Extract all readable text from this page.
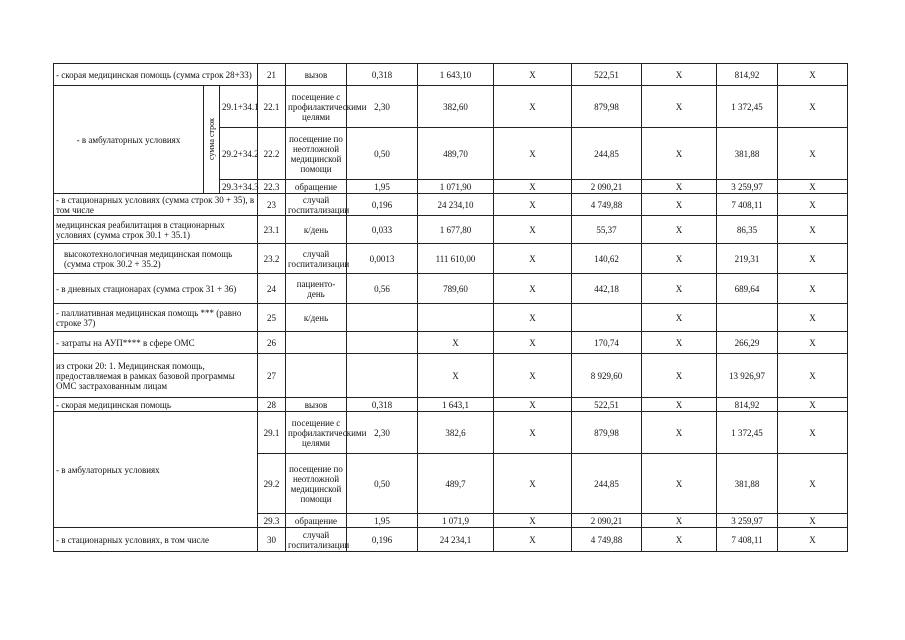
- скорая медицинская помощь (сумма строк 28+33)			21	вызов	0,318	1 643,10	X	522,51	X	814,92	X
- в амбулаторных условиях	сумма строк	29.1+34.1	22.1	посещение с профилактическими целями	2,30	382,60	X	879,98	X	1 372,45	X
		29.2+34.2	22.2	посещение по неотложной медицинской помощи	0,50	489,70	X	244,85	X	381,88	X
		29.3+34.3	22.3	обращение	1,95	1 071,90	X	2 090,21	X	3 259,97	X
- в стационарных условиях (сумма строк 30 + 35), в том числе			23	случай госпитализации	0,196	24 234,10	X	4 749,88	X	7 408,11	X
медицинская реабилитация в стационарных условиях (сумма строк 30.1 + 35.1)			23.1	к/день	0,033	1 677,80	X	55,37	X	86,35	X
высокотехнологичная медицинская помощь (сумма строк 30.2 + 35.2)			23.2	случай госпитализации	0,0013	111 610,00	X	140,62	X	219,31	X
- в дневных стационарах (сумма строк 31 + 36)			24	пациенто-день	0,56	789,60	X	442,18	X	689,64	X
- паллиативная медицинская помощь *** (равно строке 37)			25	к/день			X		X		X
- затраты на АУП**** в сфере ОМС			26			X	X	170,74	X	266,29	X
из строки 20: 1. Медицинская помощь, предоставляемая в рамках базовой программы ОМС застрахованным лицам			27			X	X	8 929,60	X	13 926,97	X
- скорая медицинская помощь			28	вызов	0,318	1 643,1	X	522,51	X	814,92	X
- в амбулаторных условиях			29.1	посещение с профилактическими целями	2,30	382,6	X	879,98	X	1 372,45	X
			29.2	посещение по неотложной медицинской помощи	0,50	489,7	X	244,85	X	381,88	X
			29.3	обращение	1,95	1 071,9	X	2 090,21	X	3 259,97	X
- в стационарных условиях, в том числе			30	случай госпитализации	0,196	24 234,1	X	4 749,88	X	7 408,11	X
